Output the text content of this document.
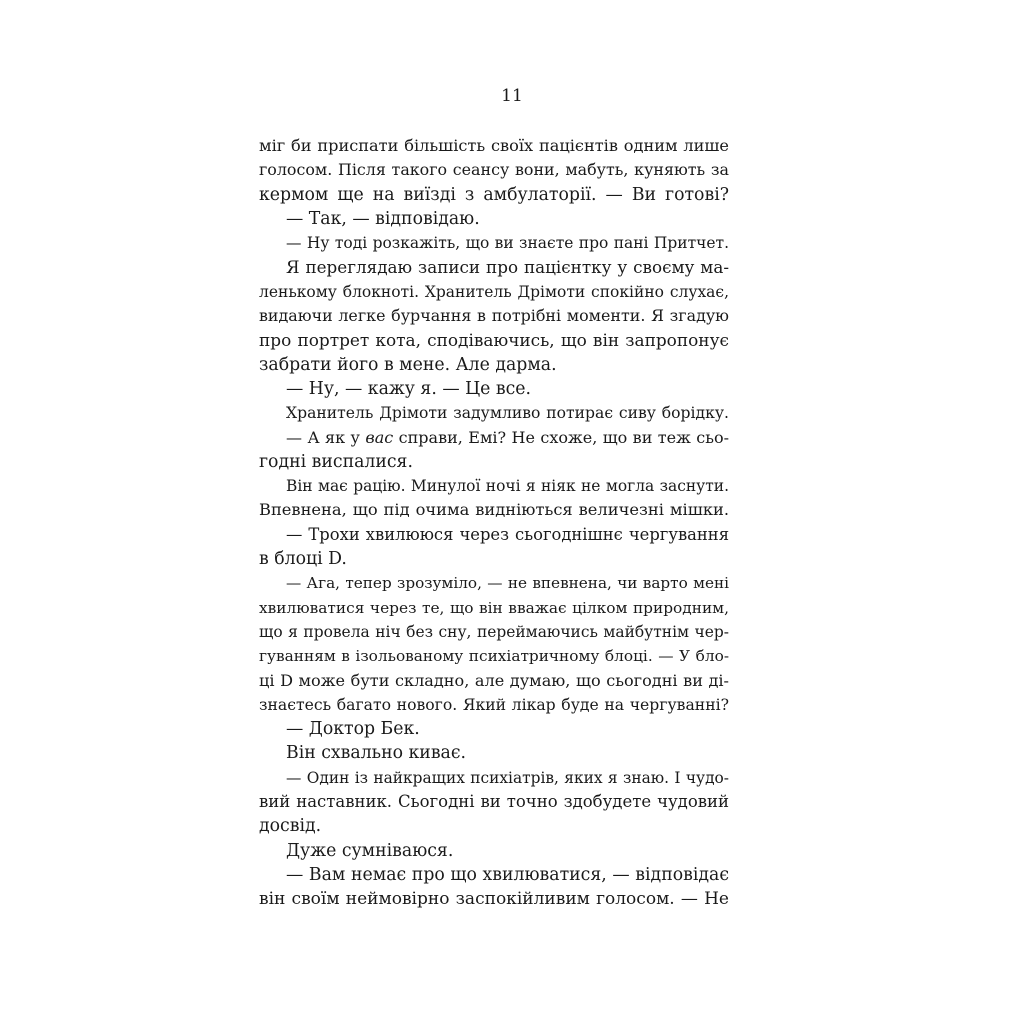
11
міг би приспати більшість своїх пацієнтів одним лише
голосом. Після такого сеансу вони, мабуть, куняють за
кермом ще на виїзді з амбулаторії. — Ви готові?
— Так, — відповідаю.
— Ну тоді розкажіть, що ви знаєте про пані Притчет.
Я переглядаю записи про пацієнтку у своєму ма-
ленькому блокноті. Хранитель Дрімоти спокійно слухає,
видаючи легке бурчання в потрібні моменти. Я згадую
про портрет кота, сподіваючись, що він запропонує
забрати його в мене. Але дарма.
— Ну, — кажу я. — Це все.
Хранитель Дрімоти задумливо потирає сиву борідку.
— А як у вас справи, Емі? Не схоже, що ви теж сьо-
годні виспалися.
Він має рацію. Минулої ночі я ніяк не могла заснути.
Впевнена, що під очима видніються величезні мішки.
— Трохи хвилююся через сьогоднішнє чергування
в блоці D.
— Ага, тепер зрозуміло, — не впевнена, чи варто мені
хвилюватися через те, що він вважає цілком природним,
що я провела ніч без сну, переймаючись майбутнім чер-
гуванням в ізольованому психіатричному блоці. — У бло-
ці D може бути складно, але думаю, що сьогодні ви ді-
знаєтесь багато нового. Який лікар буде на чергуванні?
— Доктор Бек.
Він схвально киває.
— Один із найкращих психіатрів, яких я знаю. І чудо-
вий наставник. Сьогодні ви точно здобудете чудовий
досвід.
Дуже сумніваюся.
— Вам немає про що хвилюватися, — відповідає
він своїм неймовірно заспокійливим голосом. — Не
